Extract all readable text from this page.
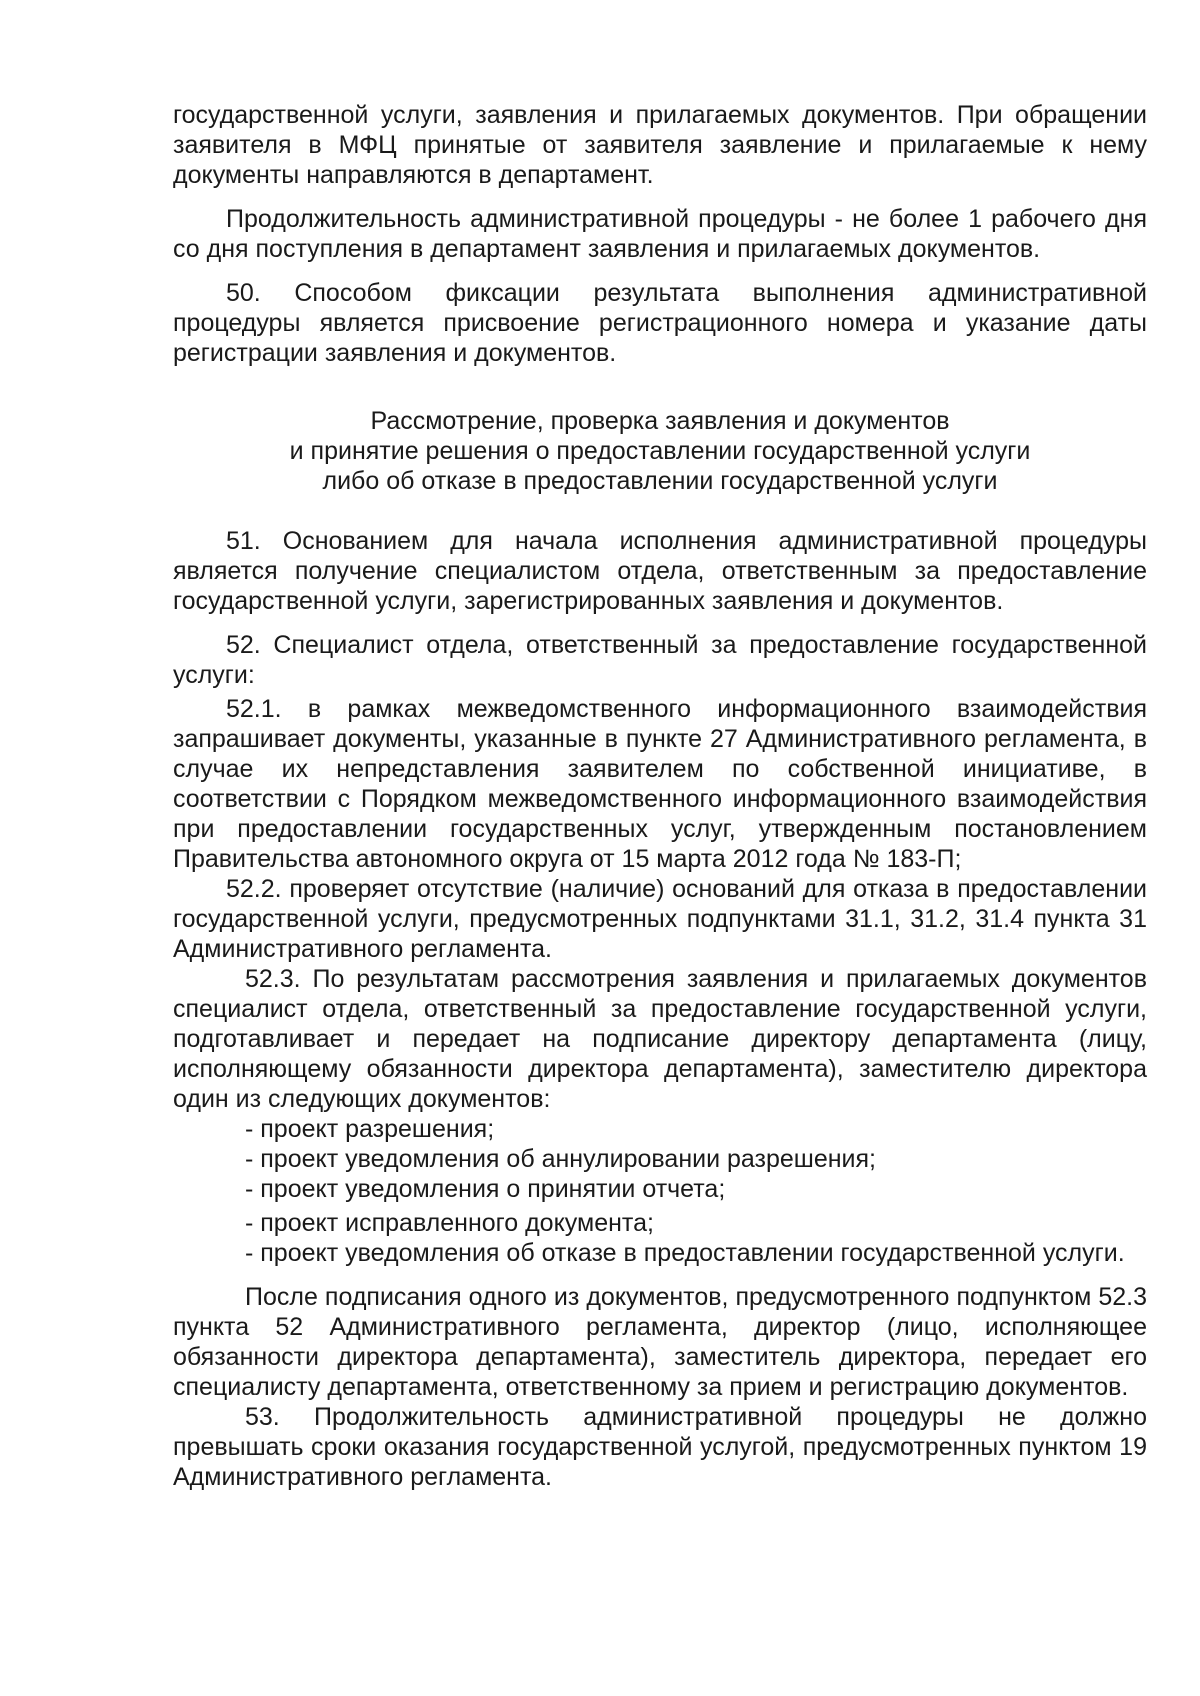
государственной услуги, заявления и прилагаемых документов. При обращении заявителя в МФЦ принятые от заявителя заявление и прилагаемые к нему документы направляются в департамент.

Продолжительность административной процедуры - не более 1 рабочего дня со дня поступления в департамент заявления и прилагаемых документов.

50. Способом фиксации результата выполнения административной процедуры является присвоение регистрационного номера и указание даты регистрации заявления и документов.

Рассмотрение, проверка заявления и документов

и принятие решения о предоставлении государственной услуги

либо об отказе в предоставлении государственной услуги

51. Основанием для начала исполнения административной процедуры является получение специалистом отдела, ответственным за предоставление государственной услуги, зарегистрированных заявления и документов.

52. Специалист отдела, ответственный за предоставление государственной услуги:

52.1. в рамках межведомственного информационного взаимодействия запрашивает документы, указанные в пункте 27 Административного регламента, в случае их непредставления заявителем по собственной инициативе, в соответствии с Порядком межведомственного информационного взаимодействия при предоставлении государственных услуг, утвержденным постановлением Правительства автономного округа от 15 марта 2012 года № 183-П;

52.2. проверяет отсутствие (наличие) оснований для отказа в предоставлении государственной услуги, предусмотренных подпунктами 31.1, 31.2, 31.4 пункта 31 Административного регламента.

52.3. По результатам рассмотрения заявления и прилагаемых документов специалист отдела, ответственный за предоставление государственной услуги, подготавливает и передает на подписание директору департамента (лицу, исполняющему обязанности директора департамента), заместителю директора один из следующих документов:

- проект разрешения;

- проект уведомления об аннулировании разрешения;

- проект уведомления о принятии отчета;

- проект исправленного документа;

- проект уведомления об отказе в предоставлении государственной услуги.

После подписания одного из документов, предусмотренного подпунктом 52.3 пункта 52 Административного регламента, директор (лицо, исполняющее обязанности директора департамента), заместитель директора, передает его специалисту департамента, ответственному за прием и регистрацию документов.

53. Продолжительность административной процедуры не должно превышать сроки оказания государственной услугой, предусмотренных пунктом 19 Административного регламента.
